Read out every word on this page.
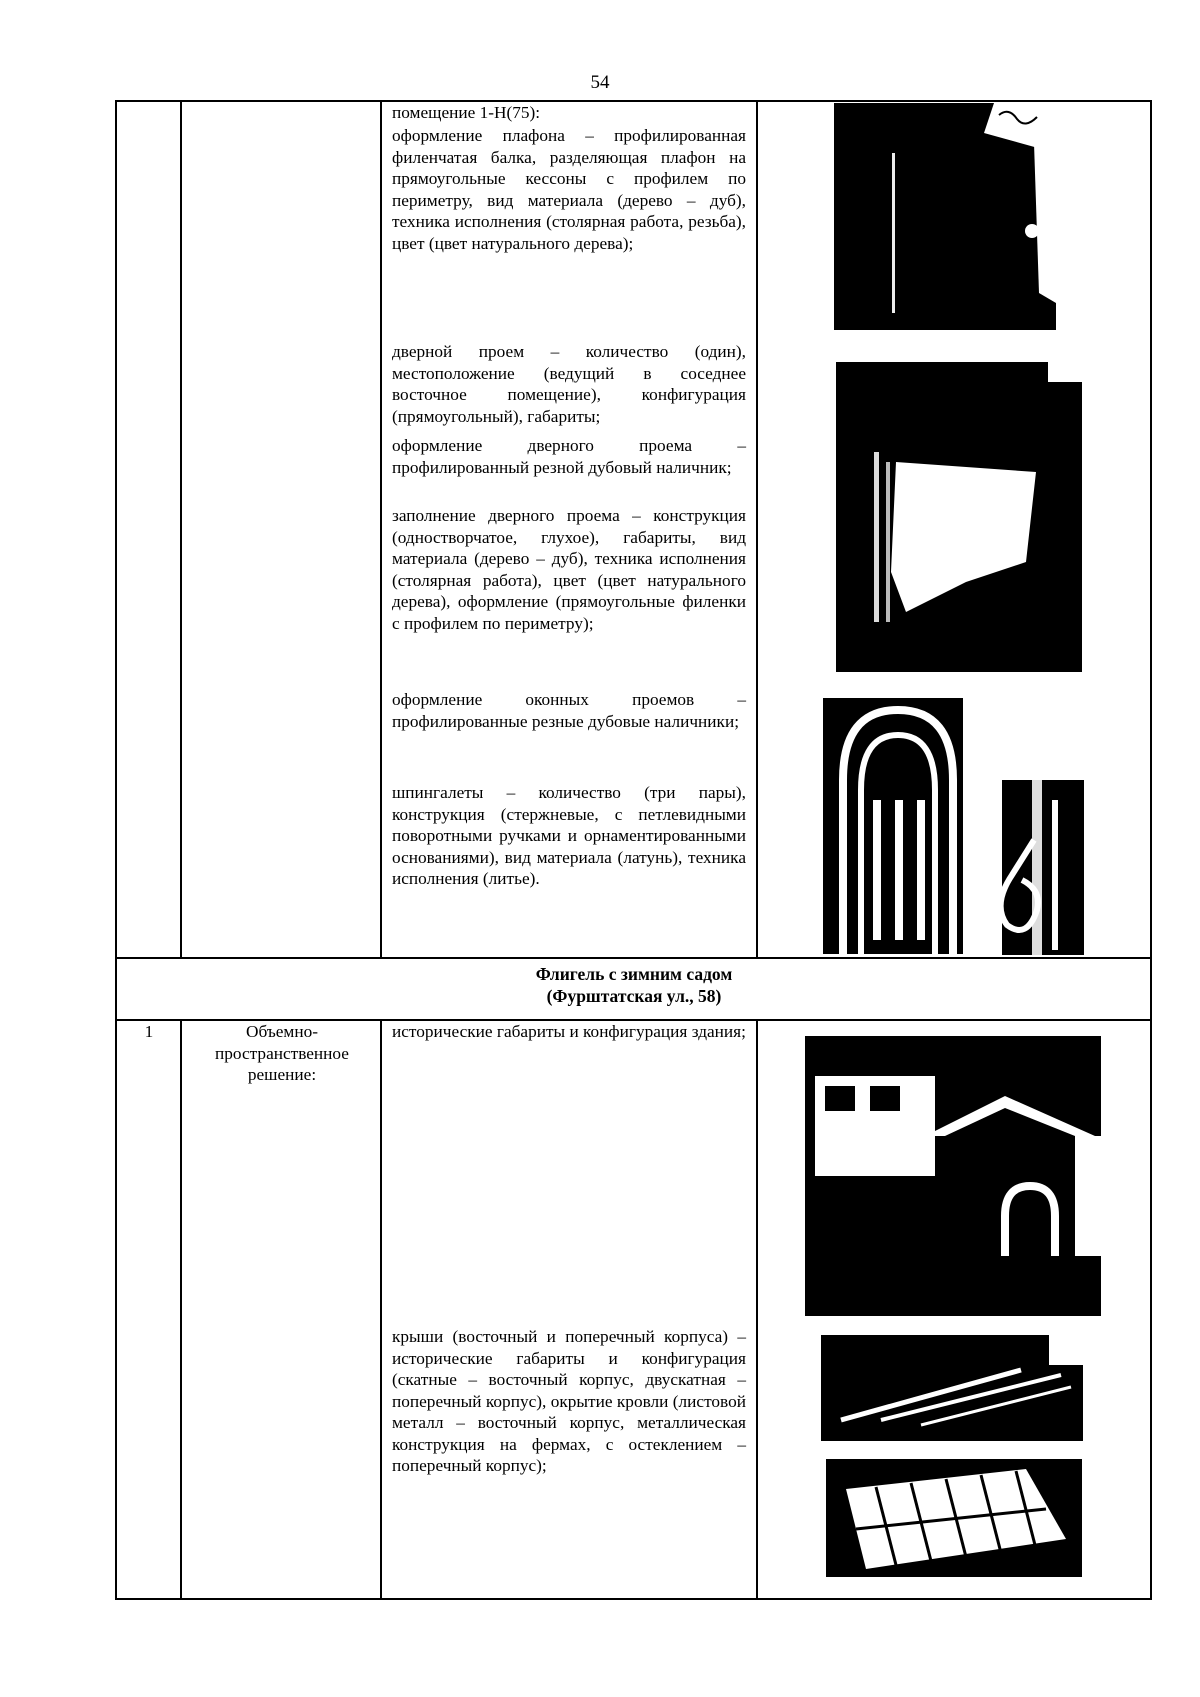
54

помещение 1-Н(75):

оформление плафона – профилированная филенчатая балка, разделяющая плафон на прямоугольные кессоны с профилем по периметру, вид материала (дерево – дуб), техника исполнения (столярная работа, резьба), цвет (цвет натурального дерева);

дверной проем – количество (один), местоположение (ведущий в соседнее восточное помещение), конфигурация (прямоугольный), габариты;

оформление дверного проема – профилированный резной дубовый наличник;

заполнение дверного проема – конструкция (одностворчатое, глухое), габариты, вид материала (дерево – дуб), техника исполнения (столярная работа), цвет (цвет натурального дерева), оформление (прямоугольные филенки с профилем по периметру);

оформление оконных проемов – профилированные резные дубовые наличники;

шпингалеты – количество (три пары), конструкция (стержневые, с петлевидными поворотными ручками и орнаментированными основаниями), вид материала (латунь), техника исполнения (литье).

Флигель с зимним садом
(Фурштатская ул., 58)
1	Объемно-пространственное решение:

исторические габариты и конфигурация здания;

крыши (восточный и поперечный корпуса) – исторические габариты и конфигурация (скатные – восточный корпус, двускатная – поперечный корпус), окрытие кровли (листовой металл – восточный корпус, металлическая конструкция на фермах, с остеклением – поперечный корпус);
